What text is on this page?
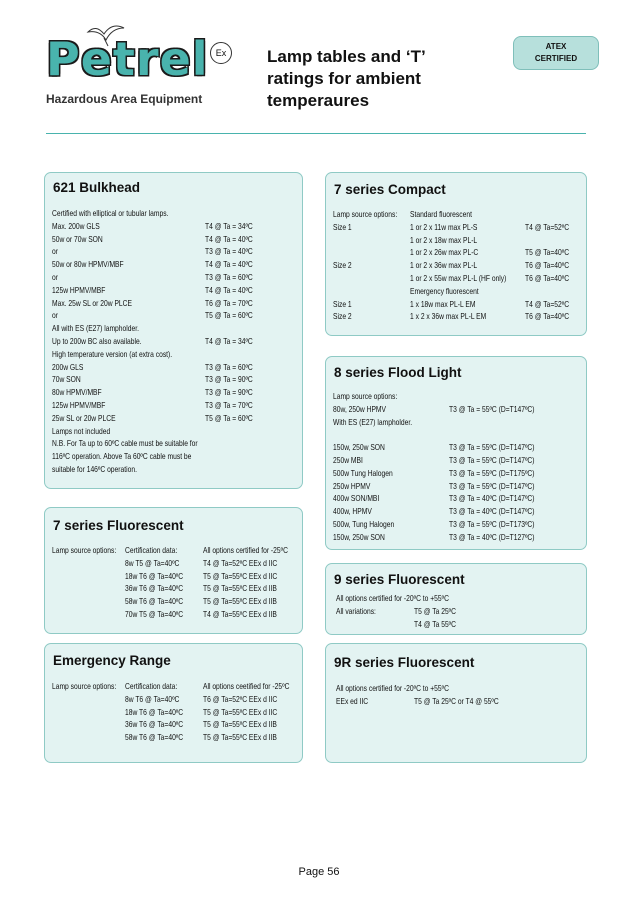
Petrel Ex
Hazardous Area Equipment
Lamp tables and ‘T’
ratings for ambient
temperaures
ATEX
CERTIFIED
621 Bulkhead
Certified with elliptical or tubular lamps.
Max. 200w GLS
50w or 70w SON
or
50w or 80w HPMV/MBF
or
125w HPMV/MBF
Max. 25w SL or 20w PLCE
or
All with ES (E27) lampholder.
Up to 200w BC also available.
High temperature version (at extra cost).
200w GLS
70w SON
80w HPMV/MBF
125w HPMV/MBF
25w SL or 20w PLCE
Lamps not included
N.B. For Ta up to 60ºC cable must be suitable for
116ºC operation. Above Ta 60ºC cable must be
suitable for 146ºC operation.
T4 @ Ta = 34ºC
T4 @ Ta = 40ºC
T3 @ Ta = 40ºC
T4 @ Ta = 40ºC
T3 @ Ta = 60ºC
T4 @ Ta = 40ºC
T6 @ Ta = 70ºC
T5 @ Ta = 60ºC
T4 @ Ta = 34ºC
T3 @ Ta = 60ºC
T3 @ Ta = 90ºC
T3 @ Ta = 90ºC
T3 @ Ta = 70ºC
T5 @ Ta = 60ºC
7 series Fluorescent
Lamp source options: Certification data:
8w T5 @ Ta=40ºC
18w T6 @ Ta=40ºC
36w T6 @ Ta=40ºC
58w T6 @ Ta=40ºC
70w T5 @ Ta=40ºC
All options certified for -25ºC
T4 @ Ta=52ºC EEx d IIC
T5 @ Ta=55ºC EEx d IIC
T5 @ Ta=55ºC EEx d IIB
T5 @ Ta=55ºC EEx d IIB
T4 @ Ta=55ºC EEx d IIB
Emergency Range
Lamp source options: Certification data:
8w T6 @ Ta=40ºC
18w T6 @ Ta=40ºC
36w T6 @ Ta=40ºC
58w T6 @ Ta=40ºC
All options ceetified for -25ºC
T6 @ Ta=52ºC EEx d IIC
T5 @ Ta=55ºC EEx d IIC
T5 @ Ta=55ºC EEx d IIB
T5 @ Ta=55ºC EEx d IIB
7 series Compact
Lamp source options:
Size 1
Size 2
Size 1
Size 2
Standard fluorescent
1 or 2 x 11w max PL-S
1 or 2 x 18w max PL-L
1 or 2 x 26w max PL-C
1 or 2 x 36w max PL-L
1 or 2 x 55w max PL-L (HF only)
Emergency fluorescent
1 x 18w max PL-L EM
1 x 2 x 36w max PL-L EM
T4 @ Ta=52ºC
T5 @ Ta=40ºC
T6 @ Ta=40ºC
T6 @ Ta=40ºC
T4 @ Ta=52ºC
T6 @ Ta=40ºC
8 series Flood Light
Lamp source options:
80w, 250w HPMV
With ES (E27) lampholder.
150w, 250w SON
250w MBI
500w Tung Halogen
250w HPMV
400w SON/MBI
400w, HPMV
500w, Tung Halogen
150w, 250w SON
T3 @ Ta = 55ºC (D=T147ºC)
T3 @ Ta = 55ºC (D=T147ºC)
T3 @ Ta = 55ºC (D=T147ºC)
T3 @ Ta = 55ºC (D=T175ºC)
T3 @ Ta = 55ºC (D=T147ºC)
T3 @ Ta = 40ºC (D=T147ºC)
T3 @ Ta = 40ºC (D=T147ºC)
T3 @ Ta = 55ºC (D=T173ºC)
T3 @ Ta = 40ºC (D=T127ºC)
9 series Fluorescent
All options certified for -20ºC to +55ºC
All variations:	T5 @ Ta 25ºC
T4 @ Ta 55ºC
9R series Fluorescent
All options certified for -20ºC to +55ºC
EEx ed IIC	T5 @ Ta 25ºC or T4 @ 55ºC
Page 56
